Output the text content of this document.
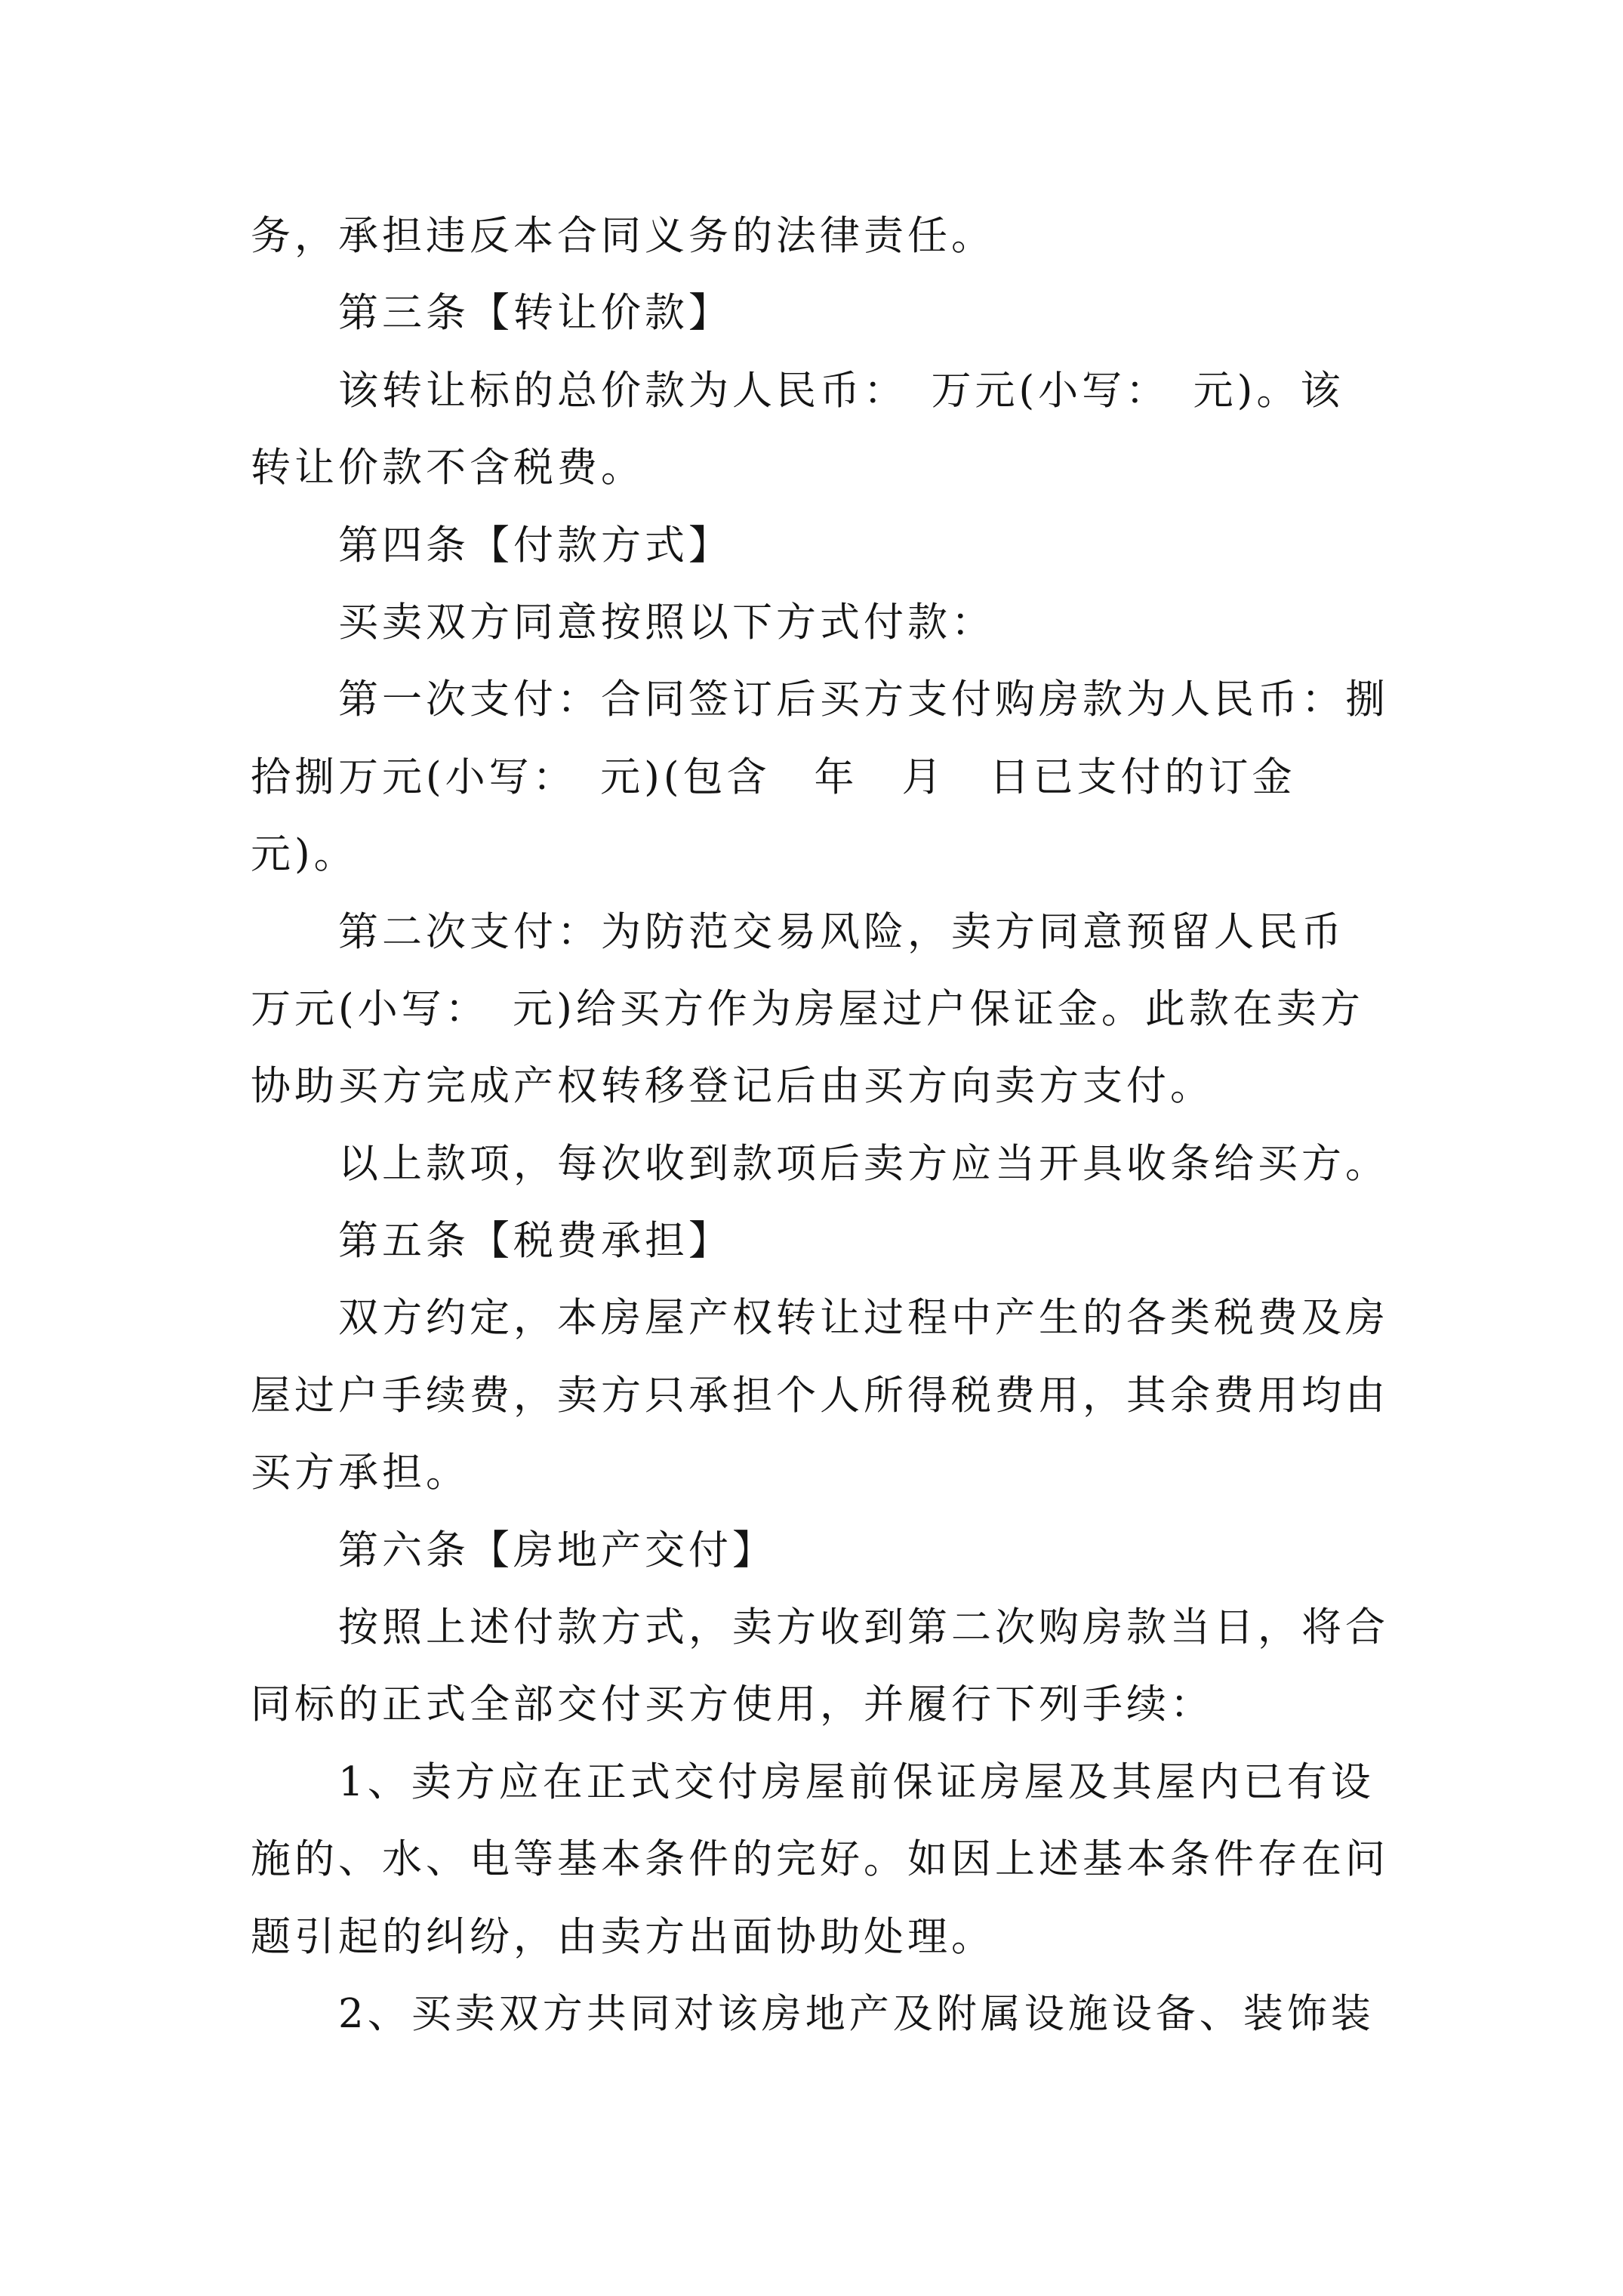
务，承担违反本合同义务的法律责任。
第三条【转让价款】
该转让标的总价款为人民币：　万元(小写：　元)。该
转让价款不含税费。
第四条【付款方式】
买卖双方同意按照以下方式付款：
第一次支付：合同签订后买方支付购房款为人民币：捌
拾捌万元(小写：　元)(包含　年　月　日已支付的订金
元)。
第二次支付：为防范交易风险，卖方同意预留人民币
万元(小写：　元)给买方作为房屋过户保证金。此款在卖方
协助买方完成产权转移登记后由买方向卖方支付。
以上款项，每次收到款项后卖方应当开具收条给买方。
第五条【税费承担】
双方约定，本房屋产权转让过程中产生的各类税费及房
屋过户手续费，卖方只承担个人所得税费用，其余费用均由
买方承担。
第六条【房地产交付】
按照上述付款方式，卖方收到第二次购房款当日，将合
同标的正式全部交付买方使用，并履行下列手续：
1、卖方应在正式交付房屋前保证房屋及其屋内已有设
施的、水、电等基本条件的完好。如因上述基本条件存在问
题引起的纠纷，由卖方出面协助处理。
2、买卖双方共同对该房地产及附属设施设备、装饰装
